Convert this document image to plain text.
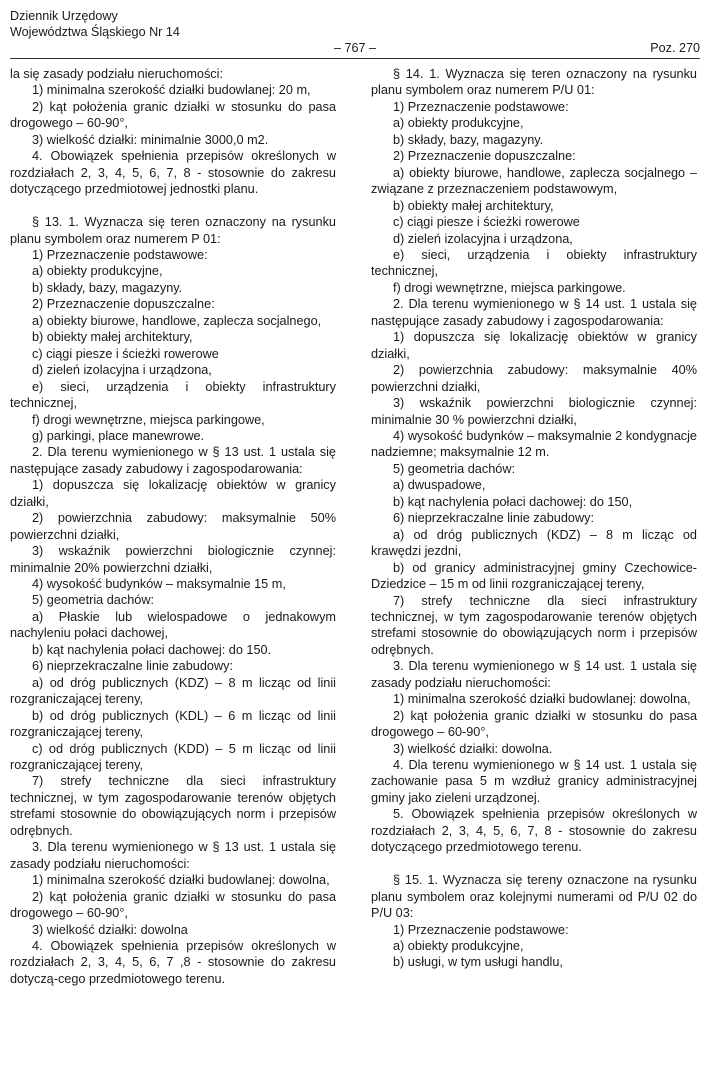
Dziennik Urzędowy
Województwa Śląskiego Nr 14
– 767 –	Poz. 270

la się zasady podziału nieruchomości:

1) minimalna szerokość działki budowlanej: 20 m,

2) kąt położenia granic działki w stosunku do pasa drogowego – 60-90°,

3) wielkość działki: minimalnie 3000,0 m2.

4. Obowiązek spełnienia przepisów określonych w rozdziałach 2, 3, 4, 5, 6, 7, 8 - stosownie do zakresu dotyczącego przedmiotowej jednostki planu.

§ 13. 1. Wyznacza się teren oznaczony na rysunku planu symbolem oraz numerem P 01:

1) Przeznaczenie podstawowe:

a) obiekty produkcyjne,

b) składy, bazy, magazyny.

2) Przeznaczenie dopuszczalne:

a) obiekty biurowe, handlowe, zaplecza socjalnego,

b) obiekty małej architektury,

c) ciągi piesze i ścieżki rowerowe

d) zieleń izolacyjna i urządzona,

e) sieci, urządzenia i obiekty infrastruktury technicznej,

f) drogi wewnętrzne, miejsca parkingowe,

g) parkingi, place manewrowe.

2. Dla terenu wymienionego w § 13 ust. 1 ustala się następujące zasady zabudowy i zagospodarowania:

1) dopuszcza się lokalizację obiektów w granicy działki,

2) powierzchnia zabudowy: maksymalnie 50% powierzchni działki,

3) wskaźnik powierzchni biologicznie czynnej: minimalnie 20% powierzchni działki,

4) wysokość budynków – maksymalnie 15 m,

5) geometria dachów:

a) Płaskie lub wielospadowe o jednakowym nachyleniu połaci dachowej,

b) kąt nachylenia połaci dachowej: do 150.

6) nieprzekraczalne linie zabudowy:

a) od dróg publicznych (KDZ) – 8 m licząc od linii rozgraniczającej tereny,

b) od dróg publicznych (KDL) – 6 m licząc od linii rozgraniczającej tereny,

c) od dróg publicznych (KDD) – 5 m licząc od linii rozgraniczającej tereny,

7) strefy techniczne dla sieci infrastruktury technicznej, w tym zagospodarowanie terenów objętych strefami stosownie do obowiązujących norm i przepisów odrębnych.

3. Dla terenu wymienionego w § 13 ust. 1 ustala się zasady podziału nieruchomości:

1) minimalna szerokość działki budowlanej: dowolna,

2) kąt położenia granic działki w stosunku do pasa drogowego – 60-90°,

3) wielkość działki: dowolna

4. Obowiązek spełnienia przepisów określonych w rozdziałach 2, 3, 4, 5, 6, 7 ,8 - stosownie do zakresu dotyczą-cego przedmiotowego terenu.

§ 14. 1. Wyznacza się teren oznaczony na rysunku planu symbolem oraz numerem P/U 01:

1) Przeznaczenie podstawowe:

a) obiekty produkcyjne,

b) składy, bazy, magazyny.

2) Przeznaczenie dopuszczalne:

a) obiekty biurowe, handlowe, zaplecza socjalnego – związane z przeznaczeniem podstawowym,

b) obiekty małej architektury,

c) ciągi piesze i ścieżki rowerowe

d) zieleń izolacyjna i urządzona,

e) sieci, urządzenia i obiekty infrastruktury technicznej,

f) drogi wewnętrzne, miejsca parkingowe.

2. Dla terenu wymienionego w § 14 ust. 1 ustala się następujące zasady zabudowy i zagospodarowania:

1) dopuszcza się lokalizację obiektów w granicy działki,

2) powierzchnia zabudowy: maksymalnie 40% powierzchni działki,

3) wskaźnik powierzchni biologicznie czynnej: minimalnie 30 % powierzchni działki,

4) wysokość budynków – maksymalnie 2 kondygnacje nadziemne; maksymalnie 12 m.

5) geometria dachów:

a) dwuspadowe,

b) kąt nachylenia połaci dachowej: do 150,

6) nieprzekraczalne linie zabudowy:

a) od dróg publicznych (KDZ) – 8 m licząc od krawędzi jezdni,

b) od granicy administracyjnej gminy Czechowice-Dziedzice – 15 m od linii rozgraniczającej tereny,

7) strefy techniczne dla sieci infrastruktury technicznej, w tym zagospodarowanie terenów objętych strefami stosownie do obowiązujących norm i przepisów odrębnych.

3. Dla terenu wymienionego w § 14 ust. 1 ustala się zasady podziału nieruchomości:

1) minimalna szerokość działki budowlanej: dowolna,

2) kąt położenia granic działki w stosunku do pasa drogowego – 60-90°,

3) wielkość działki: dowolna.

4. Dla terenu wymienionego w § 14 ust. 1 ustala się zachowanie pasa 5 m wzdłuż granicy administracyjnej gminy jako zieleni urządzonej.

5. Obowiązek spełnienia przepisów określonych w rozdziałach 2, 3, 4, 5, 6, 7, 8 - stosownie do zakresu dotyczącego przedmiotowego terenu.

§ 15. 1. Wyznacza się tereny oznaczone na rysunku planu symbolem oraz kolejnymi numerami od P/U 02 do P/U 03:

1) Przeznaczenie podstawowe:

a) obiekty produkcyjne,

b) usługi, w tym usługi handlu,
